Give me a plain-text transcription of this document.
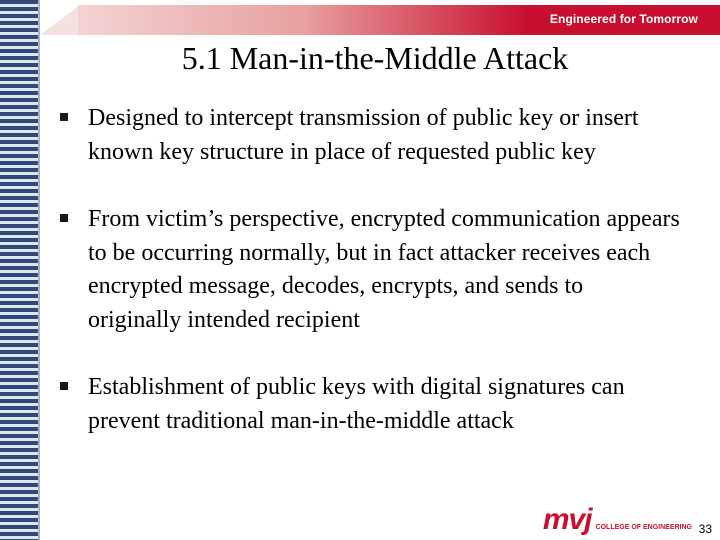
Engineered for Tomorrow
5.1 Man-in-the-Middle Attack
Designed to intercept transmission of public key or insert known key structure in place of requested public key
From victim’s perspective, encrypted communication appears to be occurring normally, but in fact attacker receives each encrypted message, decodes, encrypts, and sends to originally intended recipient
Establishment of public keys with digital signatures can prevent traditional man-in-the-middle attack
mvj COLLEGE OF ENGINEERING 33
